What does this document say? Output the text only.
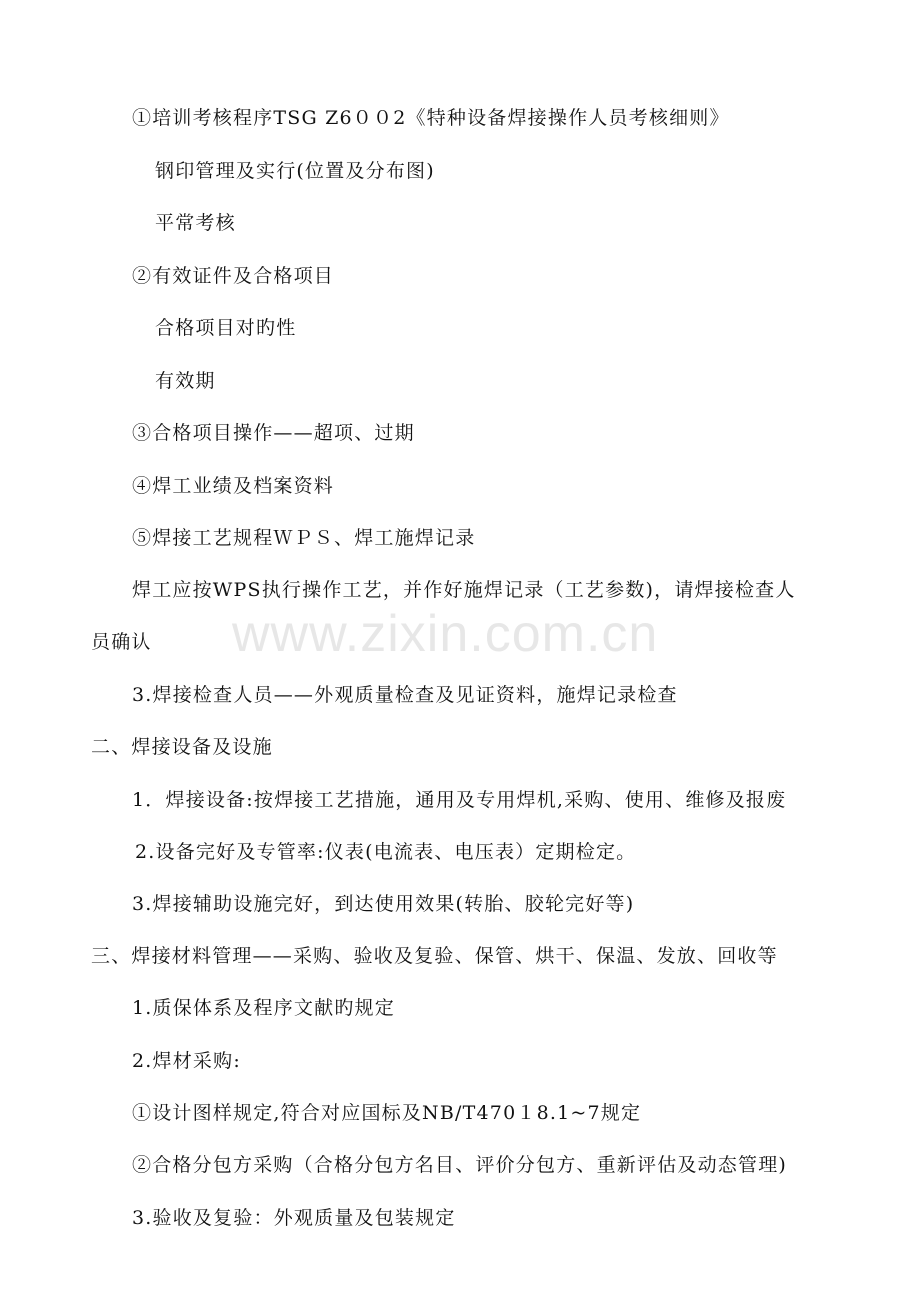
www.zixin.com.cn
①培训考核程序TSG Z6００2《特种设备焊接操作人员考核细则》
钢印管理及实行(位置及分布图)
平常考核
②有效证件及合格项目
合格项目对旳性
有效期
③合格项目操作——超项、过期
④焊工业绩及档案资料
⑤焊接工艺规程ＷＰＳ、焊工施焊记录
焊工应按WPS执行操作工艺，并作好施焊记录（工艺参数)，请焊接检查人
员确认
3.焊接检查人员——外观质量检查及见证资料，施焊记录检查
二、焊接设备及设施
1．焊接设备:按焊接工艺措施，通用及专用焊机,采购、使用、维修及报废
2.设备完好及专管率:仪表(电流表、电压表）定期检定。
3.焊接辅助设施完好，到达使用效果(转胎、胶轮完好等)
三、焊接材料管理——采购、验收及复验、保管、烘干、保温、发放、回收等
1.质保体系及程序文献旳规定
2.焊材采购:
①设计图样规定,符合对应国标及NB/T470１8.1~7规定
②合格分包方采购（合格分包方名目、评价分包方、重新评估及动态管理)
3.验收及复验：外观质量及包装规定
